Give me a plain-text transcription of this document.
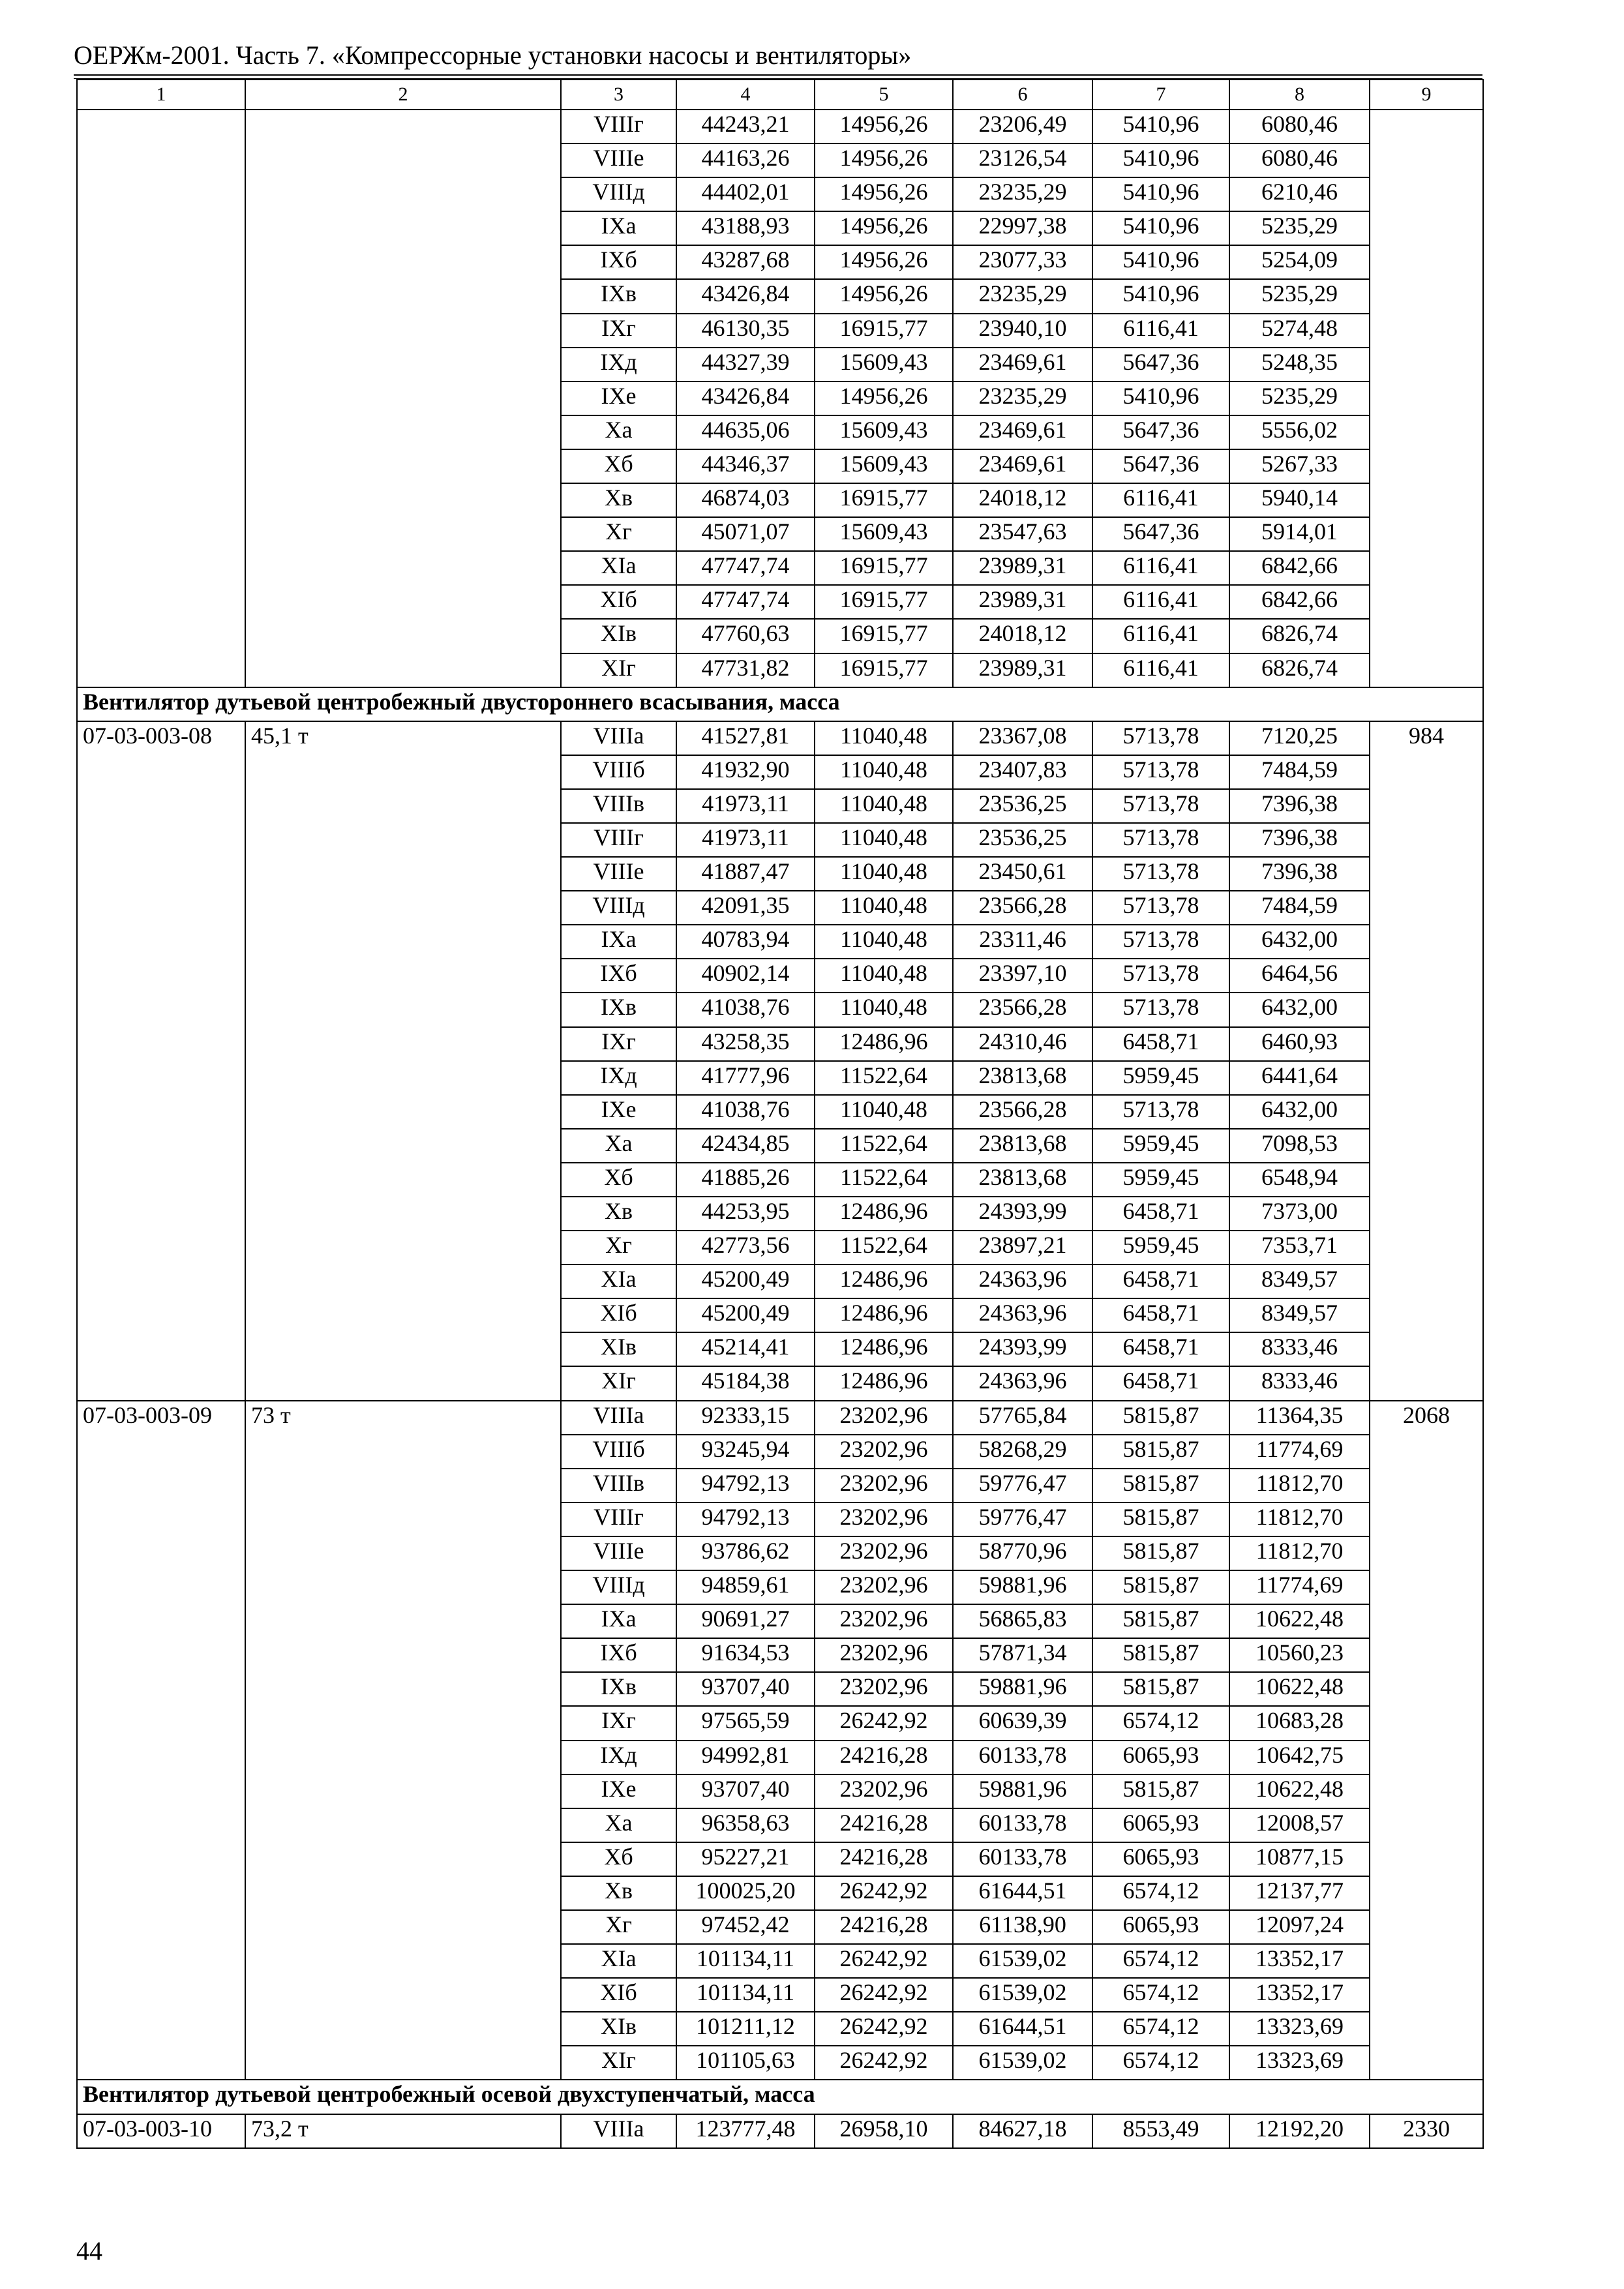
ОЕРЖм-2001. Часть 7. «Компрессорные установки насосы и вентиляторы»
1	2	3	4	5	6	7	8	9
		VIIIг	44243,21	14956,26	23206,49	5410,96	6080,46	
		VIIIе	44163,26	14956,26	23126,54	5410,96	6080,46	
		VIIIд	44402,01	14956,26	23235,29	5410,96	6210,46	
		IXa	43188,93	14956,26	22997,38	5410,96	5235,29	
		IXб	43287,68	14956,26	23077,33	5410,96	5254,09	
		IXв	43426,84	14956,26	23235,29	5410,96	5235,29	
		IXг	46130,35	16915,77	23940,10	6116,41	5274,48	
		IXд	44327,39	15609,43	23469,61	5647,36	5248,35	
		IXе	43426,84	14956,26	23235,29	5410,96	5235,29	
		Xa	44635,06	15609,43	23469,61	5647,36	5556,02	
		Xб	44346,37	15609,43	23469,61	5647,36	5267,33	
		Xв	46874,03	16915,77	24018,12	6116,41	5940,14	
		Xг	45071,07	15609,43	23547,63	5647,36	5914,01	
		XIa	47747,74	16915,77	23989,31	6116,41	6842,66	
		XIб	47747,74	16915,77	23989,31	6116,41	6842,66	
		XIв	47760,63	16915,77	24018,12	6116,41	6826,74	
		XIг	47731,82	16915,77	23989,31	6116,41	6826,74	
Вентилятор дутьевой центробежный двустороннего всасывания, масса								
07-03-003-08	45,1 т	VIIIa	41527,81	11040,48	23367,08	5713,78	7120,25	984
		VIIIб	41932,90	11040,48	23407,83	5713,78	7484,59	
		VIIIв	41973,11	11040,48	23536,25	5713,78	7396,38	
		VIIIг	41973,11	11040,48	23536,25	5713,78	7396,38	
		VIIIе	41887,47	11040,48	23450,61	5713,78	7396,38	
		VIIIд	42091,35	11040,48	23566,28	5713,78	7484,59	
		IXa	40783,94	11040,48	23311,46	5713,78	6432,00	
		IXб	40902,14	11040,48	23397,10	5713,78	6464,56	
		IXв	41038,76	11040,48	23566,28	5713,78	6432,00	
		IXг	43258,35	12486,96	24310,46	6458,71	6460,93	
		IXд	41777,96	11522,64	23813,68	5959,45	6441,64	
		IXе	41038,76	11040,48	23566,28	5713,78	6432,00	
		Xa	42434,85	11522,64	23813,68	5959,45	7098,53	
		Xб	41885,26	11522,64	23813,68	5959,45	6548,94	
		Xв	44253,95	12486,96	24393,99	6458,71	7373,00	
		Xг	42773,56	11522,64	23897,21	5959,45	7353,71	
		XIa	45200,49	12486,96	24363,96	6458,71	8349,57	
		XIб	45200,49	12486,96	24363,96	6458,71	8349,57	
		XIв	45214,41	12486,96	24393,99	6458,71	8333,46	
		XIг	45184,38	12486,96	24363,96	6458,71	8333,46	
07-03-003-09	73 т	VIIIa	92333,15	23202,96	57765,84	5815,87	11364,35	2068
		VIIIб	93245,94	23202,96	58268,29	5815,87	11774,69	
		VIIIв	94792,13	23202,96	59776,47	5815,87	11812,70	
		VIIIг	94792,13	23202,96	59776,47	5815,87	11812,70	
		VIIIе	93786,62	23202,96	58770,96	5815,87	11812,70	
		VIIIд	94859,61	23202,96	59881,96	5815,87	11774,69	
		IXa	90691,27	23202,96	56865,83	5815,87	10622,48	
		IXб	91634,53	23202,96	57871,34	5815,87	10560,23	
		IXв	93707,40	23202,96	59881,96	5815,87	10622,48	
		IXг	97565,59	26242,92	60639,39	6574,12	10683,28	
		IXд	94992,81	24216,28	60133,78	6065,93	10642,75	
		IXе	93707,40	23202,96	59881,96	5815,87	10622,48	
		Xa	96358,63	24216,28	60133,78	6065,93	12008,57	
		Xб	95227,21	24216,28	60133,78	6065,93	10877,15	
		Xв	100025,20	26242,92	61644,51	6574,12	12137,77	
		Xг	97452,42	24216,28	61138,90	6065,93	12097,24	
		XIa	101134,11	26242,92	61539,02	6574,12	13352,17	
		XIб	101134,11	26242,92	61539,02	6574,12	13352,17	
		XIв	101211,12	26242,92	61644,51	6574,12	13323,69	
		XIг	101105,63	26242,92	61539,02	6574,12	13323,69	
Вентилятор дутьевой центробежный осевой двухступенчатый, масса								
07-03-003-10	73,2 т	VIIIa	123777,48	26958,10	84627,18	8553,49	12192,20	2330
44
